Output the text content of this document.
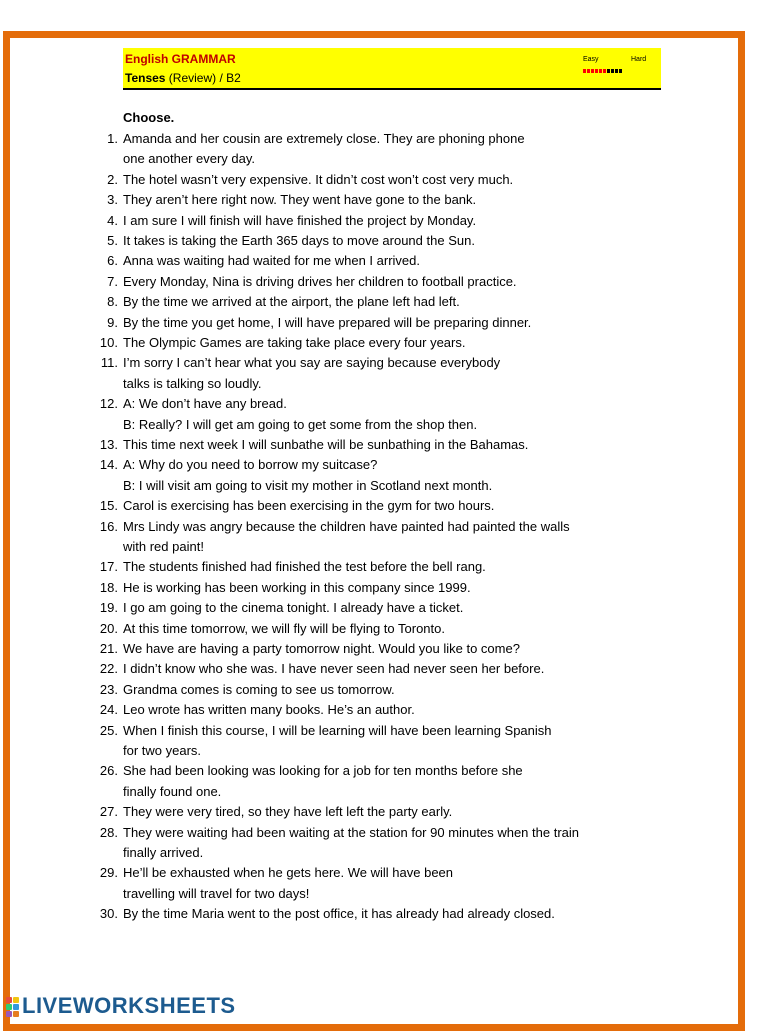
English GRAMMAR
Tenses (Review) / B2
Easy	Hard
Choose.
1. Amanda and her cousin are extremely close. They are phoning phone
one another every day.
2. The hotel wasn’t very expensive. It didn’t cost won’t cost very much.
3. They aren’t here right now. They went have gone to the bank.
4. I am sure I will finish will have finished the project by Monday.
5. It takes is taking the Earth 365 days to move around the Sun.
6. Anna was waiting had waited for me when I arrived.
7. Every Monday, Nina is driving drives her children to football practice.
8. By the time we arrived at the airport, the plane left had left.
9. By the time you get home, I will have prepared will be preparing dinner.
10. The Olympic Games are taking take place every four years.
11. I’m sorry I can’t hear what you say are saying because everybody
talks is talking so loudly.
12. A: We don’t have any bread.
B: Really? I will get am going to get some from the shop then.
13. This time next week I will sunbathe will be sunbathing in the Bahamas.
14. A: Why do you need to borrow my suitcase?
B: I will visit am going to visit my mother in Scotland next month.
15. Carol is exercising has been exercising in the gym for two hours.
16. Mrs Lindy was angry because the children have painted had painted the walls
with red paint!
17. The students finished had finished the test before the bell rang.
18. He is working has been working in this company since 1999.
19. I go am going to the cinema tonight. I already have a ticket.
20. At this time tomorrow, we will fly will be flying to Toronto.
21. We have are having a party tomorrow night. Would you like to come?
22. I didn’t know who she was. I have never seen had never seen her before.
23. Grandma comes is coming to see us tomorrow.
24. Leo wrote has written many books. He’s an author.
25. When I finish this course, I will be learning will have been learning Spanish
for two years.
26. She had been looking was looking for a job for ten months before she
finally found one.
27. They were very tired, so they have left left the party early.
28. They were waiting had been waiting at the station for 90 minutes when the train
finally arrived.
29. He’ll be exhausted when he gets here. We will have been
travelling will travel for two days!
30. By the time Maria went to the post office, it has already had already closed.
LIVEWORKSHEETS
